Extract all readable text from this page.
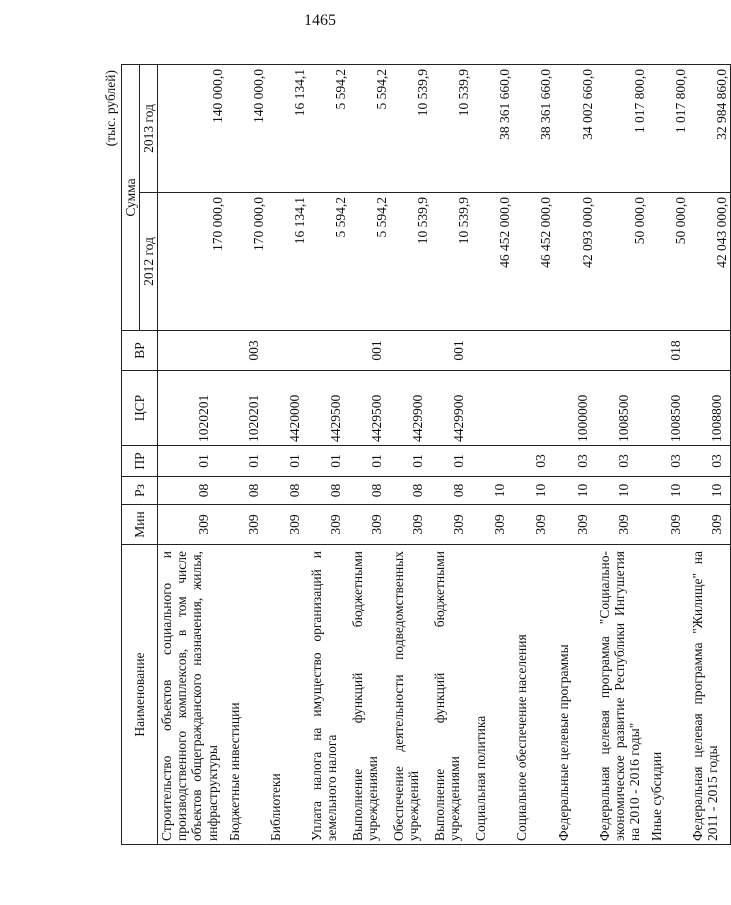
1465
(тыс. рублей)
Наименование	Мин	Рз	ПР	ЦСР	ВР	Сумма	
						2012 год	2013 год
Строительство объектов социального и производственного комплексов, в том числе объектов общегражданского назначения, жилья, инфраструктуры	309	08	01	1020201		170 000,0	140 000,0
Бюджетные инвестиции	309	08	01	1020201	003	170 000,0	140 000,0
Библиотеки	309	08	01	4420000		16 134,1	16 134,1
Уплата налога на имущество организаций и земельного налога	309	08	01	4429500		5 594,2	5 594,2
Выполнение функций бюджетными учреждениями	309	08	01	4429500	001	5 594,2	5 594,2
Обеспечение деятельности подведомственных учреждений	309	08	01	4429900		10 539,9	10 539,9
Выполнение функций бюджетными учреждениями	309	08	01	4429900	001	10 539,9	10 539,9
Социальная политика	309	10				46 452 000,0	38 361 660,0
Социальное обеспечение населения	309	10	03			46 452 000,0	38 361 660,0
Федеральные целевые программы	309	10	03	1000000		42 093 000,0	34 002 660,0
Федеральная целевая программа "Социально-экономическое развитие Республики Ингушетия на 2010 - 2016 годы"	309	10	03	1008500		50 000,0	1 017 800,0
Иные субсидии	309	10	03	1008500	018	50 000,0	1 017 800,0
Федеральная целевая программа "Жилище" на 2011 - 2015 годы	309	10	03	1008800		42 043 000,0	32 984 860,0
